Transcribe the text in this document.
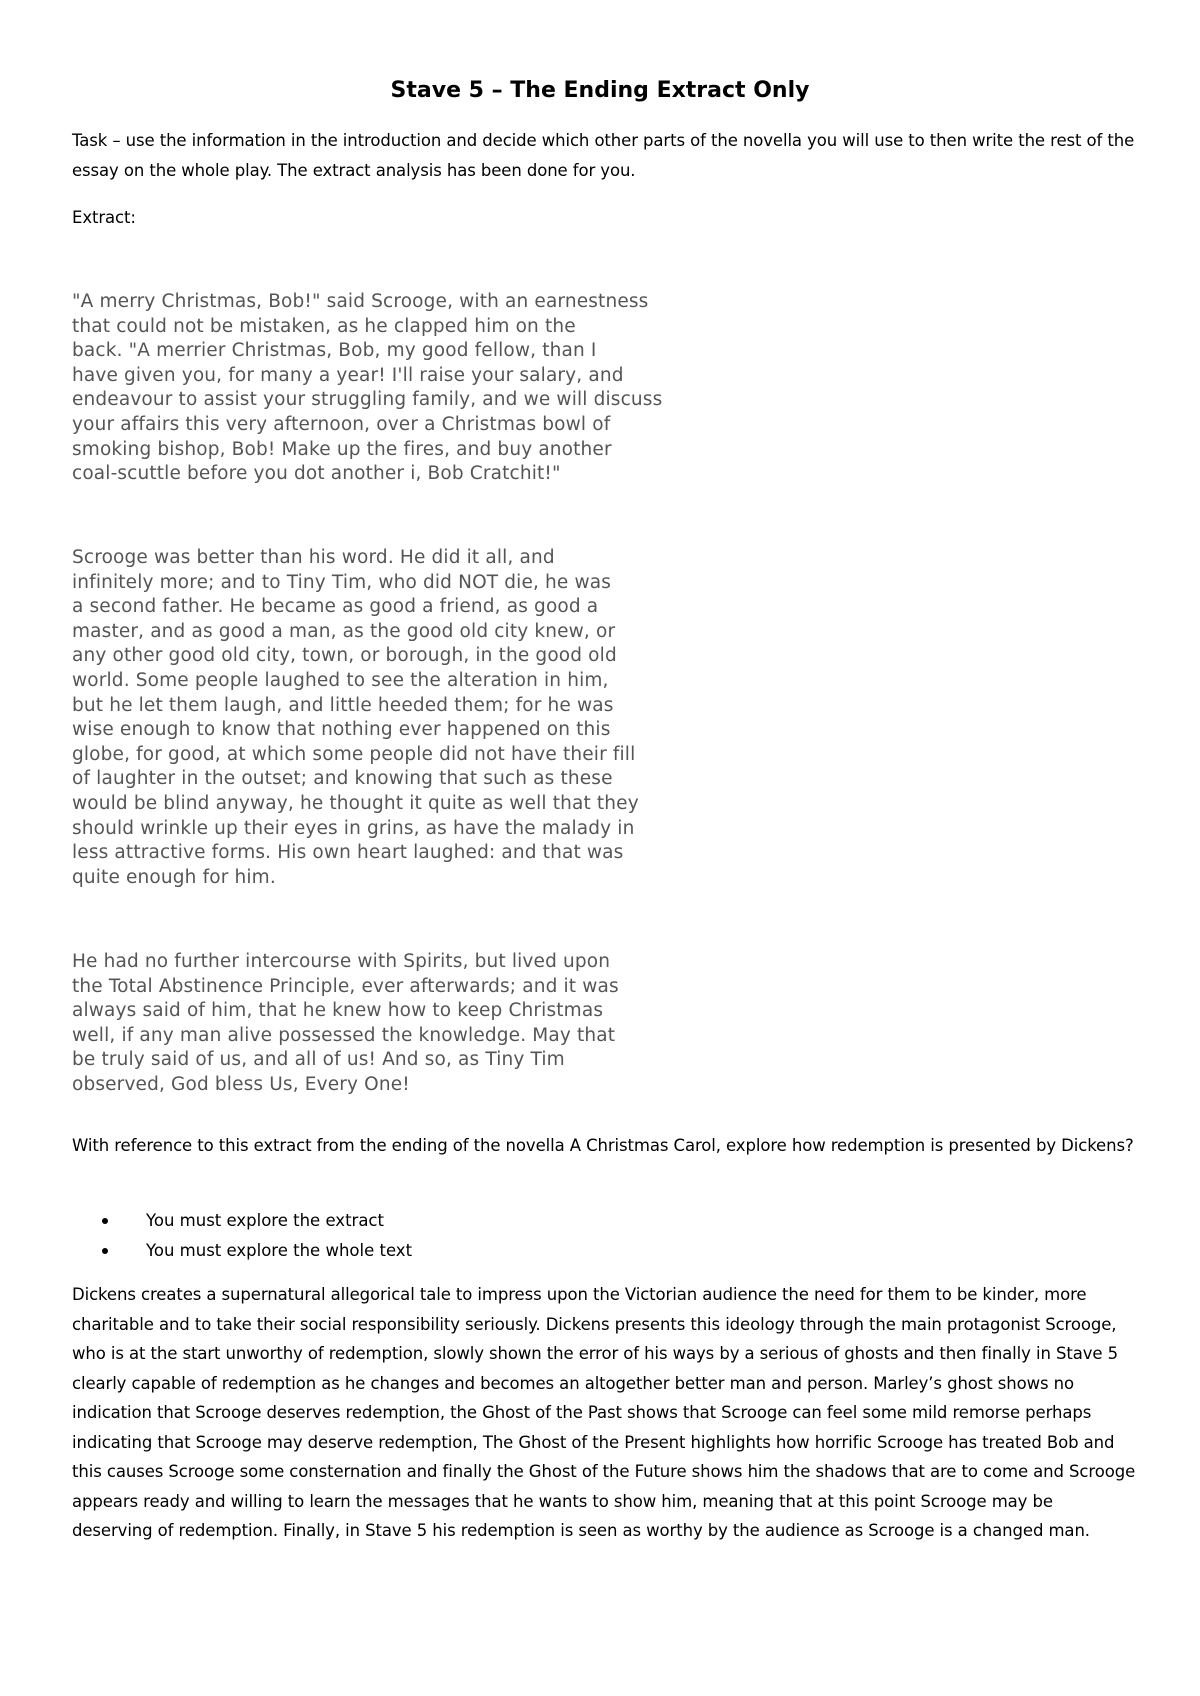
Stave 5 – The Ending Extract Only

Task – use the information in the introduction and decide which other parts of the novella you will use to then write the rest of the essay on the whole play. The extract analysis has been done for you.

Extract:

"A merry Christmas, Bob!" said Scrooge, with an earnestness
that could not be mistaken, as he clapped him on the
back. "A merrier Christmas, Bob, my good fellow, than I
have given you, for many a year! I'll raise your salary, and
endeavour to assist your struggling family, and we will discuss
your affairs this very afternoon, over a Christmas bowl of
smoking bishop, Bob! Make up the fires, and buy another
coal-scuttle before you dot another i, Bob Cratchit!"
Scrooge was better than his word. He did it all, and
infinitely more; and to Tiny Tim, who did NOT die, he was
a second father. He became as good a friend, as good a
master, and as good a man, as the good old city knew, or
any other good old city, town, or borough, in the good old
world. Some people laughed to see the alteration in him,
but he let them laugh, and little heeded them; for he was
wise enough to know that nothing ever happened on this
globe, for good, at which some people did not have their fill
of laughter in the outset; and knowing that such as these
would be blind anyway, he thought it quite as well that they
should wrinkle up their eyes in grins, as have the malady in
less attractive forms. His own heart laughed: and that was
quite enough for him.
He had no further intercourse with Spirits, but lived upon
the Total Abstinence Principle, ever afterwards; and it was
always said of him, that he knew how to keep Christmas
well, if any man alive possessed the knowledge. May that
be truly said of us, and all of us! And so, as Tiny Tim
observed, God bless Us, Every One!

With reference to this extract from the ending of the novella A Christmas Carol, explore how redemption is presented by Dickens?

You must explore the extract
You must explore the whole text

Dickens creates a supernatural allegorical tale to impress upon the Victorian audience the need for them to be kinder, more charitable and to take their social responsibility seriously. Dickens presents this ideology through the main protagonist Scrooge, who is at the start unworthy of redemption, slowly shown the error of his ways by a serious of ghosts and then finally in Stave 5 clearly capable of redemption as he changes and becomes an altogether better man and person. Marley’s ghost shows no indication that Scrooge deserves redemption, the Ghost of the Past shows that Scrooge can feel some mild remorse perhaps indicating that Scrooge may deserve redemption, The Ghost of the Present highlights how horrific Scrooge has treated Bob and this causes Scrooge some consternation and finally the Ghost of the Future shows him the shadows that are to come and Scrooge appears ready and willing to learn the messages that he wants to show him, meaning that at this point Scrooge may be deserving of redemption. Finally, in Stave 5 his redemption is seen as worthy by the audience as Scrooge is a changed man.
